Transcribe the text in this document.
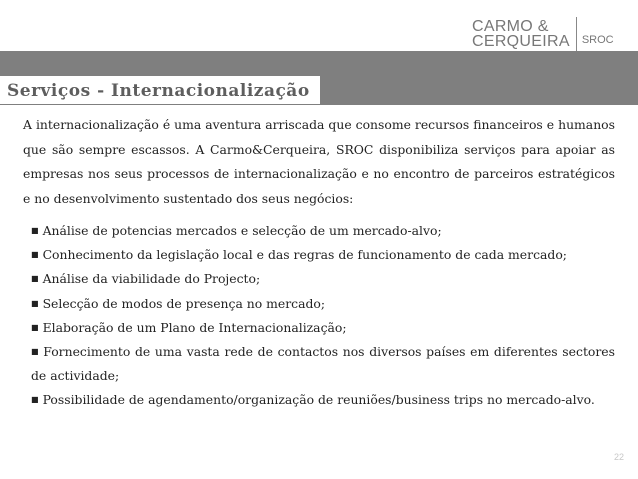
CARMO &
CERQUEIRA SROC
Serviços - Internacionalização

A internacionalização é uma aventura arriscada que consome recursos financeiros e humanos que são sempre escassos. A Carmo&Cerqueira, SROC disponibiliza serviços para apoiar as empresas nos seus processos de internacionalização e no encontro de parceiros estratégicos e no desenvolvimento sustentado dos seus negócios:

■ Análise de potencias mercados e selecção de um mercado-alvo;
■ Conhecimento da legislação local e das regras de funcionamento de cada mercado;
■ Análise da viabilidade do Projecto;
■ Selecção de modos de presença no mercado;
■ Elaboração de um Plano de Internacionalização;
■ Fornecimento de uma vasta rede de contactos nos diversos países em diferentes sectores de actividade;
■ Possibilidade de agendamento/organização de reuniões/business trips no mercado-alvo.
22
